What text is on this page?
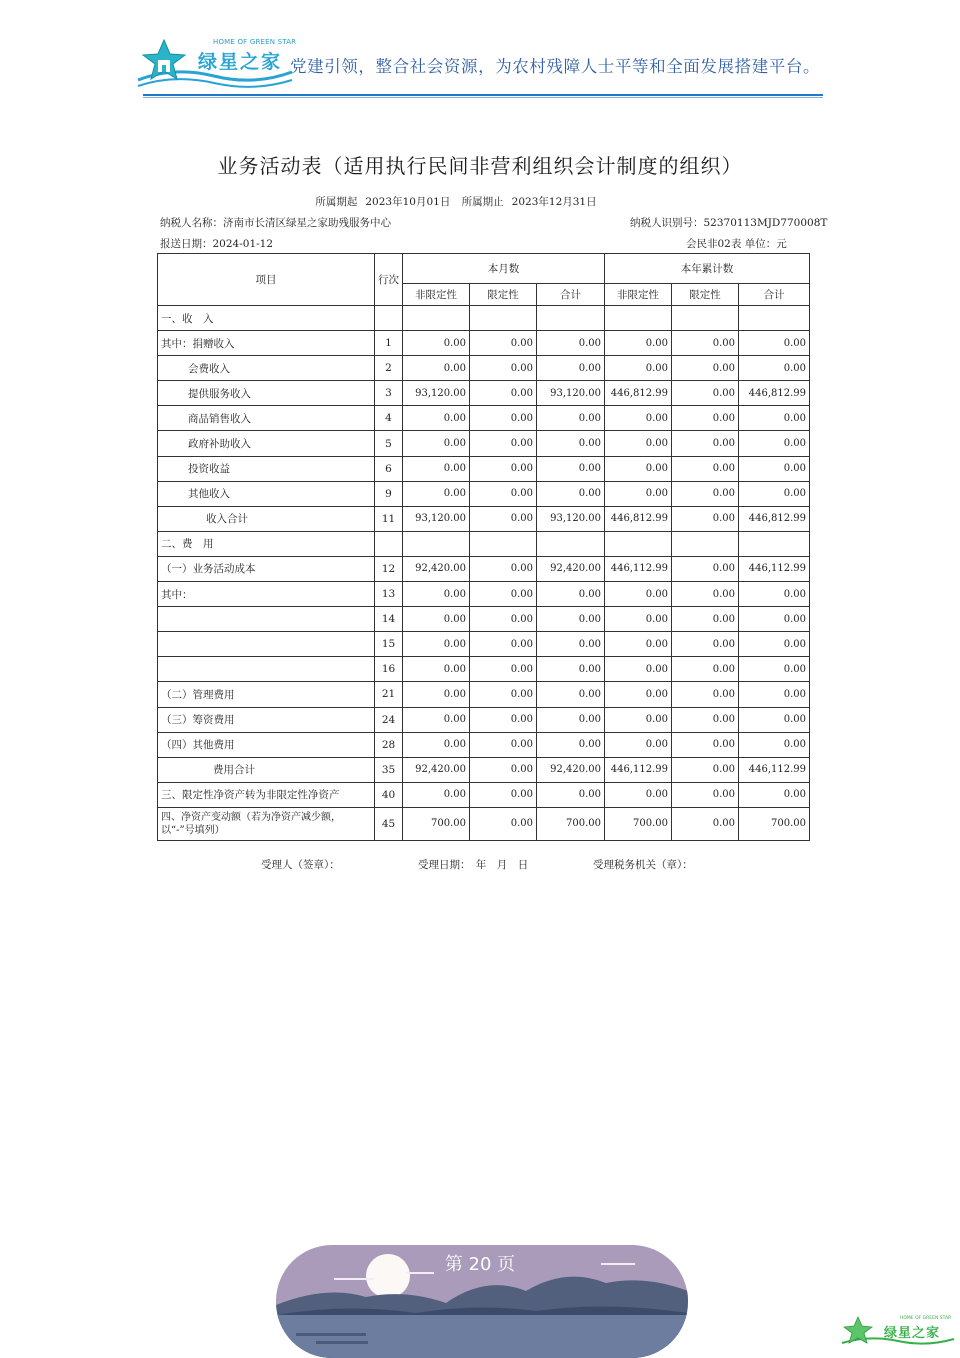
HOME OF GREEN STAR
绿星之家 党建引领，整合社会资源，为农村残障人士平等和全面发展搭建平台。
业务活动表（适用执行民间非营利组织会计制度的组织）
所属期起 2023年10月01日 所属期止 2023年12月31日
纳税人名称：济南市长清区绿星之家助残服务中心	纳税人识别号：52370113MJD770008T
报送日期：2024-01-12	会民非02表 单位：元
项目	行次	本月数			本年累计数		
		非限定性	限定性	合计	非限定性	限定性	合计
一、收　入							
其中：捐赠收入	1	0.00	0.00	0.00	0.00	0.00	0.00
会费收入	2	0.00	0.00	0.00	0.00	0.00	0.00
提供服务收入	3	93,120.00	0.00	93,120.00	446,812.99	0.00	446,812.99
商品销售收入	4	0.00	0.00	0.00	0.00	0.00	0.00
政府补助收入	5	0.00	0.00	0.00	0.00	0.00	0.00
投资收益	6	0.00	0.00	0.00	0.00	0.00	0.00
其他收入	9	0.00	0.00	0.00	0.00	0.00	0.00
收入合计	11	93,120.00	0.00	93,120.00	446,812.99	0.00	446,812.99
二、费　用							
（一）业务活动成本	12	92,420.00	0.00	92,420.00	446,112.99	0.00	446,112.99
其中：	13	0.00	0.00	0.00	0.00	0.00	0.00
	14	0.00	0.00	0.00	0.00	0.00	0.00
	15	0.00	0.00	0.00	0.00	0.00	0.00
	16	0.00	0.00	0.00	0.00	0.00	0.00
（二）管理费用	21	0.00	0.00	0.00	0.00	0.00	0.00
（三）筹资费用	24	0.00	0.00	0.00	0.00	0.00	0.00
（四）其他费用	28	0.00	0.00	0.00	0.00	0.00	0.00
费用合计	35	92,420.00	0.00	92,420.00	446,112.99	0.00	446,112.99
三、限定性净资产转为非限定性净资产	40	0.00	0.00	0.00	0.00	0.00	0.00
四、净资产变动额（若为净资产减少额，以“-”号填列）	45	700.00	0.00	700.00	700.00	0.00	700.00
受理人（签章）：	受理日期：　年　月　日	受理税务机关（章）：
第 20 页
HOME OF GREEN STAR
绿星之家
